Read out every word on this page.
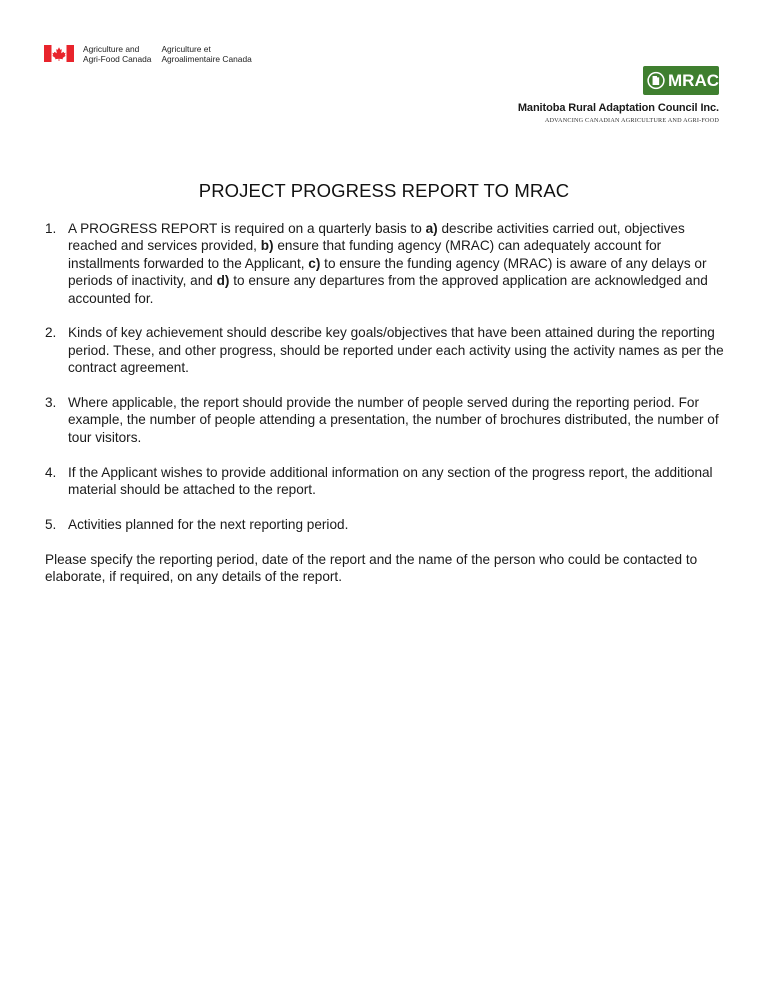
Agriculture and
Agri-Food Canada
Agriculture et
Agroalimentaire Canada
MRAC
Manitoba Rural Adaptation Council Inc.
ADVANCING CANADIAN AGRICULTURE AND AGRI-FOOD
PROJECT PROGRESS REPORT TO MRAC
1. A PROGRESS REPORT is required on a quarterly basis to a) describe activities carried out, objectives reached and services provided, b) ensure that funding agency (MRAC) can adequately account for installments forwarded to the Applicant, c) to ensure the funding agency (MRAC) is aware of any delays or periods of inactivity, and d) to ensure any departures from the approved application are acknowledged and accounted for.

2. Kinds of key achievement should describe key goals/objectives that have been attained during the reporting period. These, and other progress, should be reported under each activity using the activity names as per the contract agreement.

3. Where applicable, the report should provide the number of people served during the reporting period. For example, the number of people attending a presentation, the number of brochures distributed, the number of tour visitors.

4. If the Applicant wishes to provide additional information on any section of the progress report, the additional material should be attached to the report.

5. Activities planned for the next reporting period.

Please specify the reporting period, date of the report and the name of the person who could be contacted to elaborate, if required, on any details of the report.
